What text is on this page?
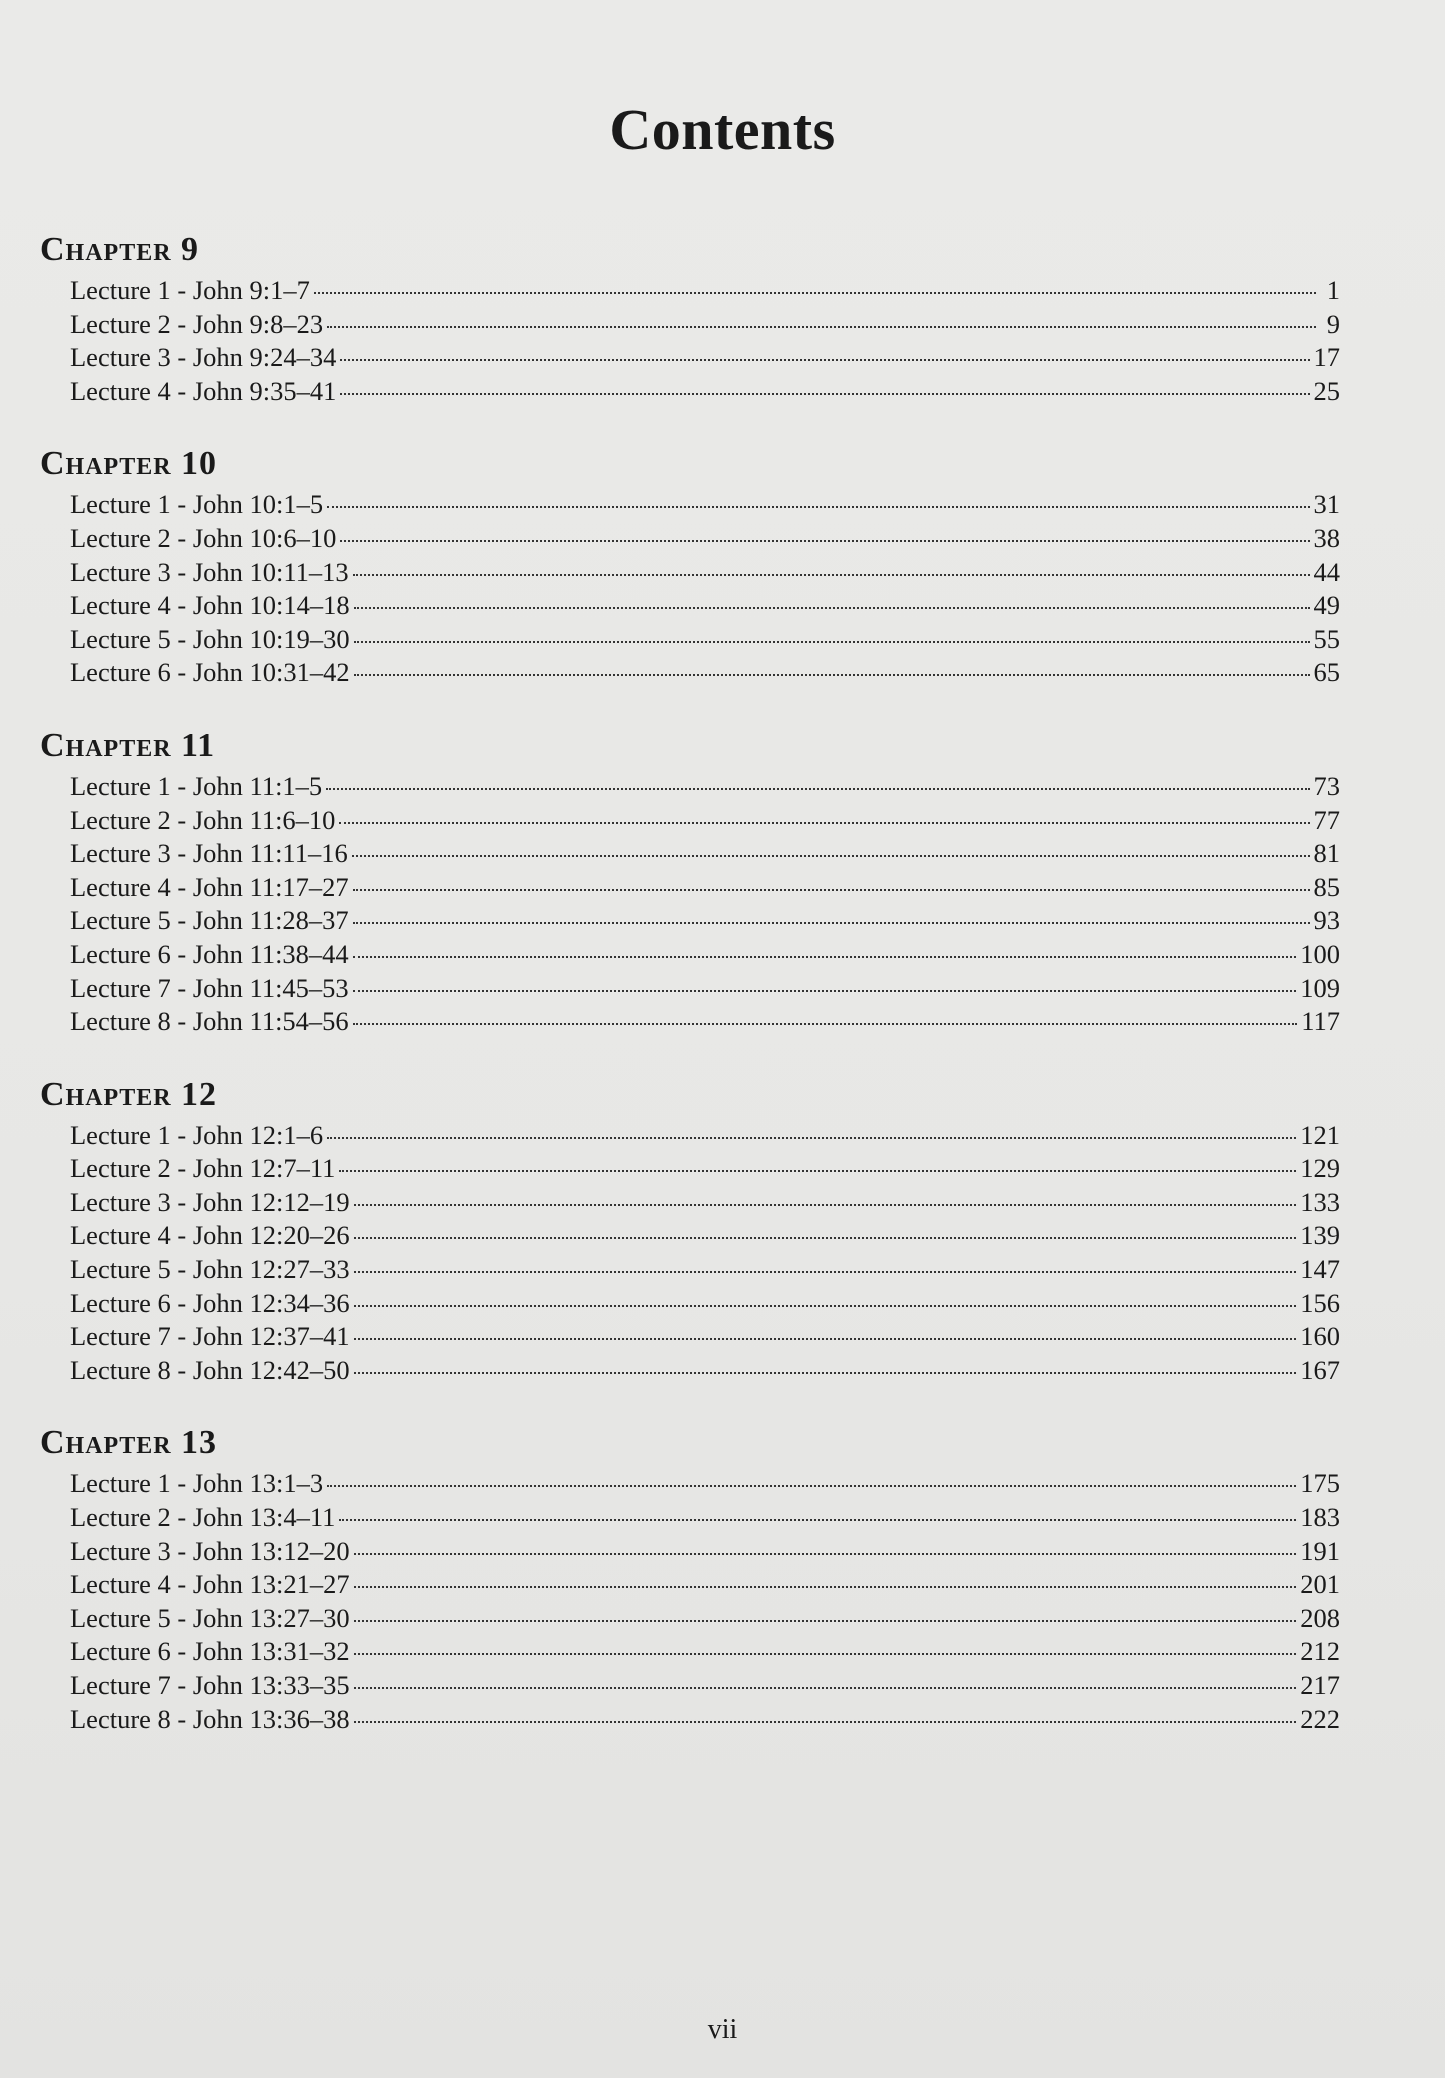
Contents
Chapter 9
Lecture 1 - John 9:1–7	1
Lecture 2 - John 9:8–23	9
Lecture 3 - John 9:24–34	17
Lecture 4 - John 9:35–41	25
Chapter 10
Lecture 1 - John 10:1–5	31
Lecture 2 - John 10:6–10	38
Lecture 3 - John 10:11–13	44
Lecture 4 - John 10:14–18	49
Lecture 5 - John 10:19–30	55
Lecture 6 - John 10:31–42	65
Chapter 11
Lecture 1 - John 11:1–5	73
Lecture 2 - John 11:6–10	77
Lecture 3 - John 11:11–16	81
Lecture 4 - John 11:17–27	85
Lecture 5 - John 11:28–37	93
Lecture 6 - John 11:38–44	100
Lecture 7 - John 11:45–53	109
Lecture 8 - John 11:54–56	117
Chapter 12
Lecture 1 - John 12:1–6	121
Lecture 2 - John 12:7–11	129
Lecture 3 - John 12:12–19	133
Lecture 4 - John 12:20–26	139
Lecture 5 - John 12:27–33	147
Lecture 6 - John 12:34–36	156
Lecture 7 - John 12:37–41	160
Lecture 8 - John 12:42–50	167
Chapter 13
Lecture 1 - John 13:1–3	175
Lecture 2 - John 13:4–11	183
Lecture 3 - John 13:12–20	191
Lecture 4 - John 13:21–27	201
Lecture 5 - John 13:27–30	208
Lecture 6 - John 13:31–32	212
Lecture 7 - John 13:33–35	217
Lecture 8 - John 13:36–38	222
vii
